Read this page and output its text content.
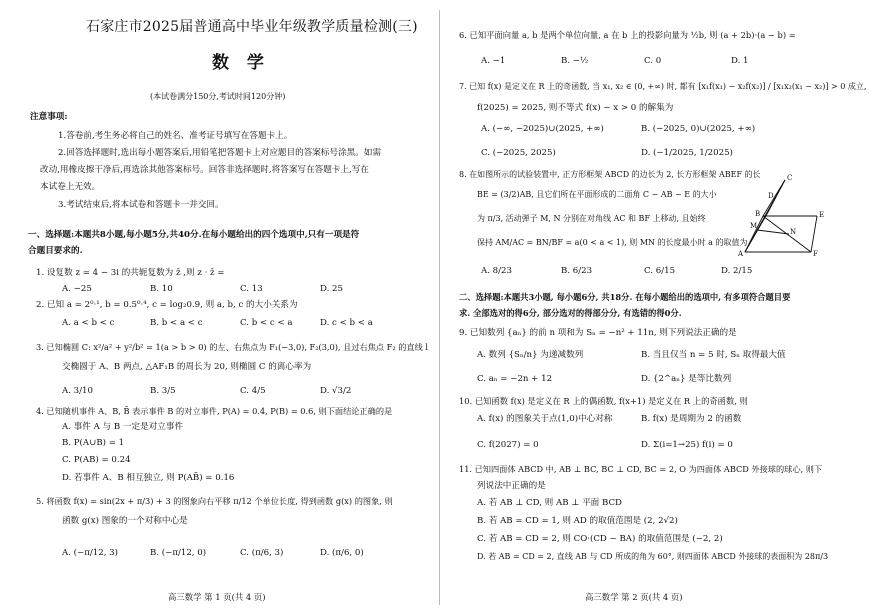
石家庄市2025届普通高中毕业年级教学质量检测(三)
数 学
(本试卷满分150分,考试时间120分钟)
注意事项:
1.答卷前,考生务必将自己的姓名、准考证号填写在答题卡上。
2.回答选择题时,选出每小题答案后,用铅笔把答题卡上对应题目的答案标号涂黑。如需
改动,用橡皮擦干净后,再选涂其他答案标号。回答非选择题时,将答案写在答题卡上,写在
本试卷上无效。
3.考试结束后,将本试卷和答题卡一并交回。
一、选择题:本题共8小题,每小题5分,共40分.在每小题给出的四个选项中,只有一项是符
合题目要求的.
1. 设复数 z = 4 − 3i 的共轭复数为 z̄ ,则 z · z̄ =
A. −25	B. 10	C. 13	D. 25
2. 已知 a = 2⁰·¹, b = 0.5⁰·⁴, c = log₂0.9, 则 a, b, c 的大小关系为
A. a < b < c	B. b < a < c	C. b < c < a	D. c < b < a
3. 已知椭圆 C: x²/a² + y²/b² = 1(a > b > 0) 的左、右焦点为 F₁(−3,0), F₂(3,0), 且过右焦点 F₂ 的直线 l
交椭圆于 A、B 两点, △AF₁B 的周长为 20, 则椭圆 C 的离心率为
A. 3/10	B. 3/5	C. 4/5	D. √3/2
4. 已知随机事件 A、B, B̄ 表示事件 B 的对立事件, P(A) = 0.4, P(B) = 0.6, 则下面结论正确的是
A. 事件 A 与 B 一定是对立事件
B. P(A∪B) = 1
C. P(AB) = 0.24
D. 若事件 A、B 相互独立, 则 P(AB̄) = 0.16
5. 将函数 f(x) = sin(2x + π/3) + 3 的图象向右平移 π/12 个单位长度, 得到函数 g(x) 的图象, 则
函数 g(x) 图象的一个对称中心是
A. (−π/12, 3)	B. (−π/12, 0)	C. (π/6, 3)	D. (π/6, 0)
高三数学 第 1 页(共 4 页)
6. 已知平面向量 a, b 是两个单位向量, a 在 b 上的投影向量为 ½b, 则 (a + 2b)·(a − b) =
A. −1	B. −½	C. 0	D. 1
7. 已知 f(x) 是定义在 R 上的奇函数, 当 x₁, x₂ ∈ (0, +∞) 时, 都有 [x₁f(x₁) − x₂f(x₂)] / [x₁x₂(x₁ − x₂)] > 0 成立,
f(2025) = 2025, 则不等式 f(x) − x > 0 的解集为
A. (−∞, −2025)∪(2025, +∞)	B. (−2025, 0)∪(2025, +∞)
C. (−2025, 2025)	D. (−1/2025, 1/2025)
8. 在如图所示的试验装置中, 正方形框架 ABCD 的边长为 2, 长方形框架 ABEF 的长
BE = (3/2)AB, 且它们所在平面形成的二面角 C − AB − E 的大小
为 π/3, 活动弹子 M, N 分别在对角线 AC 和 BF 上移动, 且始终
保持 AM/AC = BN/BF = a(0 < a < 1), 则 MN 的长度最小时 a 的取值为
A. 8/23	B. 6/23	C. 6/15	D. 2/15
二、选择题:本题共3小题, 每小题6分, 共18分. 在每小题给出的选项中, 有多项符合题目要
求. 全部选对的得6分, 部分选对的得部分分, 有选错的得0分.
9. 已知数列 {aₙ} 的前 n 项和为 Sₙ = −n² + 11n, 则下列说法正确的是
A. 数列 {Sₙ/n} 为递减数列	B. 当且仅当 n = 5 时, Sₙ 取得最大值
C. aₙ = −2n + 12	D. {2^aₙ} 是等比数列
10. 已知函数 f(x) 是定义在 R 上的偶函数, f(x+1) 是定义在 R 上的奇函数, 则
A. f(x) 的图象关于点(1,0)中心对称	B. f(x) 是周期为 2 的函数
C. f(2027) = 0	D. Σ(i=1→25) f(i) = 0
11. 已知四面体 ABCD 中, AB ⊥ BC, BC ⊥ CD, BC = 2, O 为四面体 ABCD 外接球的球心, 则下
列说法中正确的是
A. 若 AB ⊥ CD, 则 AB ⊥ 平面 BCD
B. 若 AB = CD = 1, 则 AD 的取值范围是 (2, 2√2)
C. 若 AB = CD = 2, 则 CO·(CD − BA) 的取值范围是 (−2, 2)
D. 若 AB = CD = 2, 直线 AB 与 CD 所成的角为 60°, 则四面体 ABCD 外接球的表面积为 28π/3
高三数学 第 2 页(共 4 页)
C
D
M
B
N
E
A	F
